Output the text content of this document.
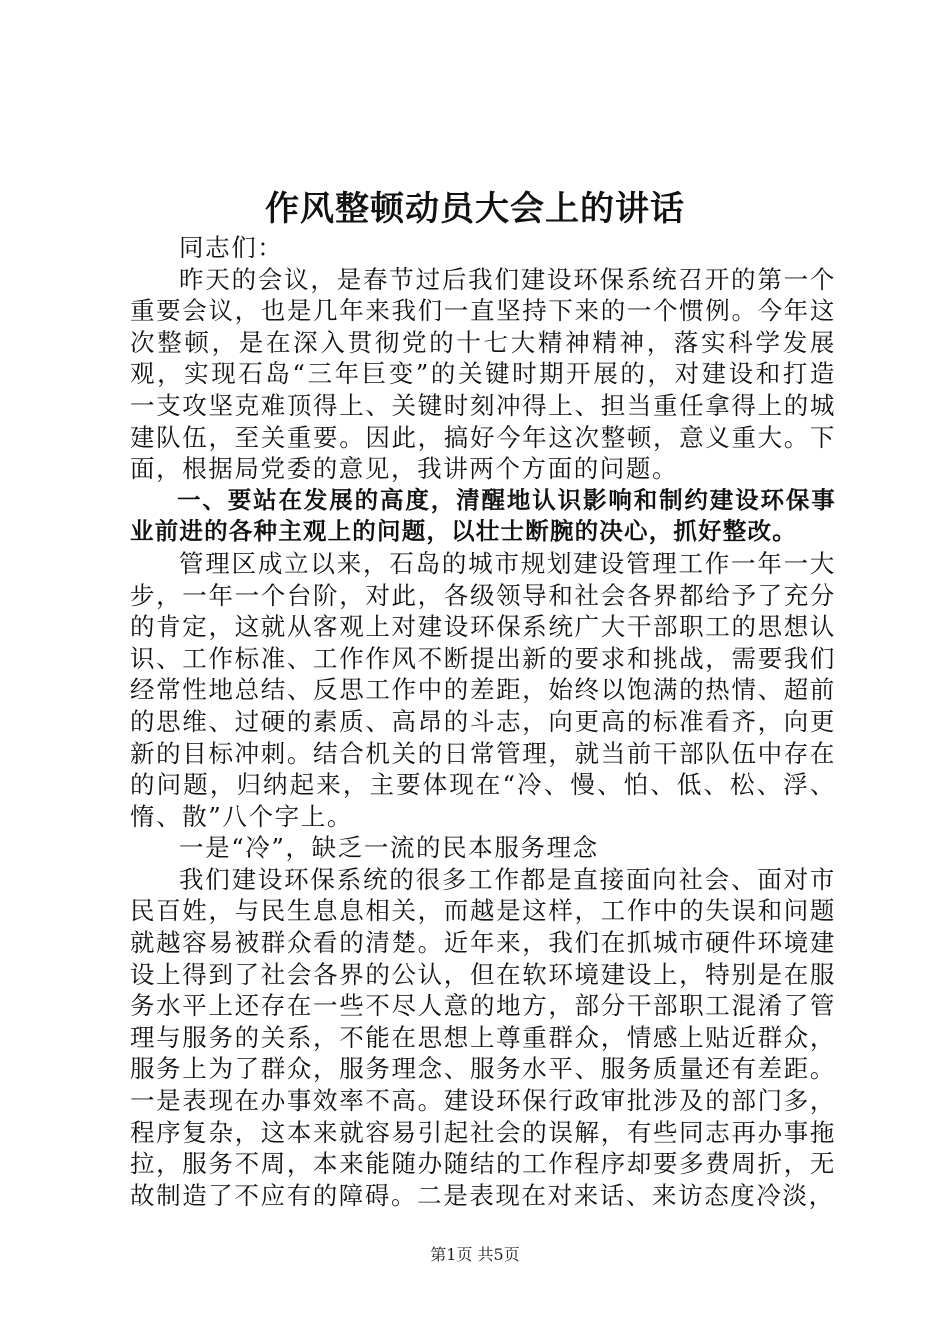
作风整顿动员大会上的讲话

同志们：

昨天的会议，是春节过后我们建设环保系统召开的第一个重要会议，也是几年来我们一直坚持下来的一个惯例。今年这次整顿，是在深入贯彻党的十七大精神精神，落实科学发展观，实现石岛“三年巨变”的关键时期开展的，对建设和打造一支攻坚克难顶得上、关键时刻冲得上、担当重任拿得上的城建队伍，至关重要。因此，搞好今年这次整顿，意义重大。下面，根据局党委的意见，我讲两个方面的问题。

一、要站在发展的高度，清醒地认识影响和制约建设环保事业前进的各种主观上的问题，以壮士断腕的决心，抓好整改。

管理区成立以来，石岛的城市规划建设管理工作一年一大步，一年一个台阶，对此，各级领导和社会各界都给予了充分的肯定，这就从客观上对建设环保系统广大干部职工的思想认识、工作标准、工作作风不断提出新的要求和挑战，需要我们经常性地总结、反思工作中的差距，始终以饱满的热情、超前的思维、过硬的素质、高昂的斗志，向更高的标准看齐，向更新的目标冲刺。结合机关的日常管理，就当前干部队伍中存在的问题，归纳起来，主要体现在“冷、慢、怕、低、松、浮、惰、散”八个字上。

一是“冷”，缺乏一流的民本服务理念

我们建设环保系统的很多工作都是直接面向社会、面对市民百姓，与民生息息相关，而越是这样，工作中的失误和问题就越容易被群众看的清楚。近年来，我们在抓城市硬件环境建设上得到了社会各界的公认，但在软环境建设上，特别是在服务水平上还存在一些不尽人意的地方，部分干部职工混淆了管理与服务的关系，不能在思想上尊重群众，情感上贴近群众，服务上为了群众，服务理念、服务水平、服务质量还有差距。一是表现在办事效率不高。建设环保行政审批涉及的部门多，程序复杂，这本来就容易引起社会的误解，有些同志再办事拖拉，服务不周，本来能随办随结的工作程序却要多费周折，无故制造了不应有的障碍。二是表现在对来话、来访态度冷淡，

第1页 共5页
